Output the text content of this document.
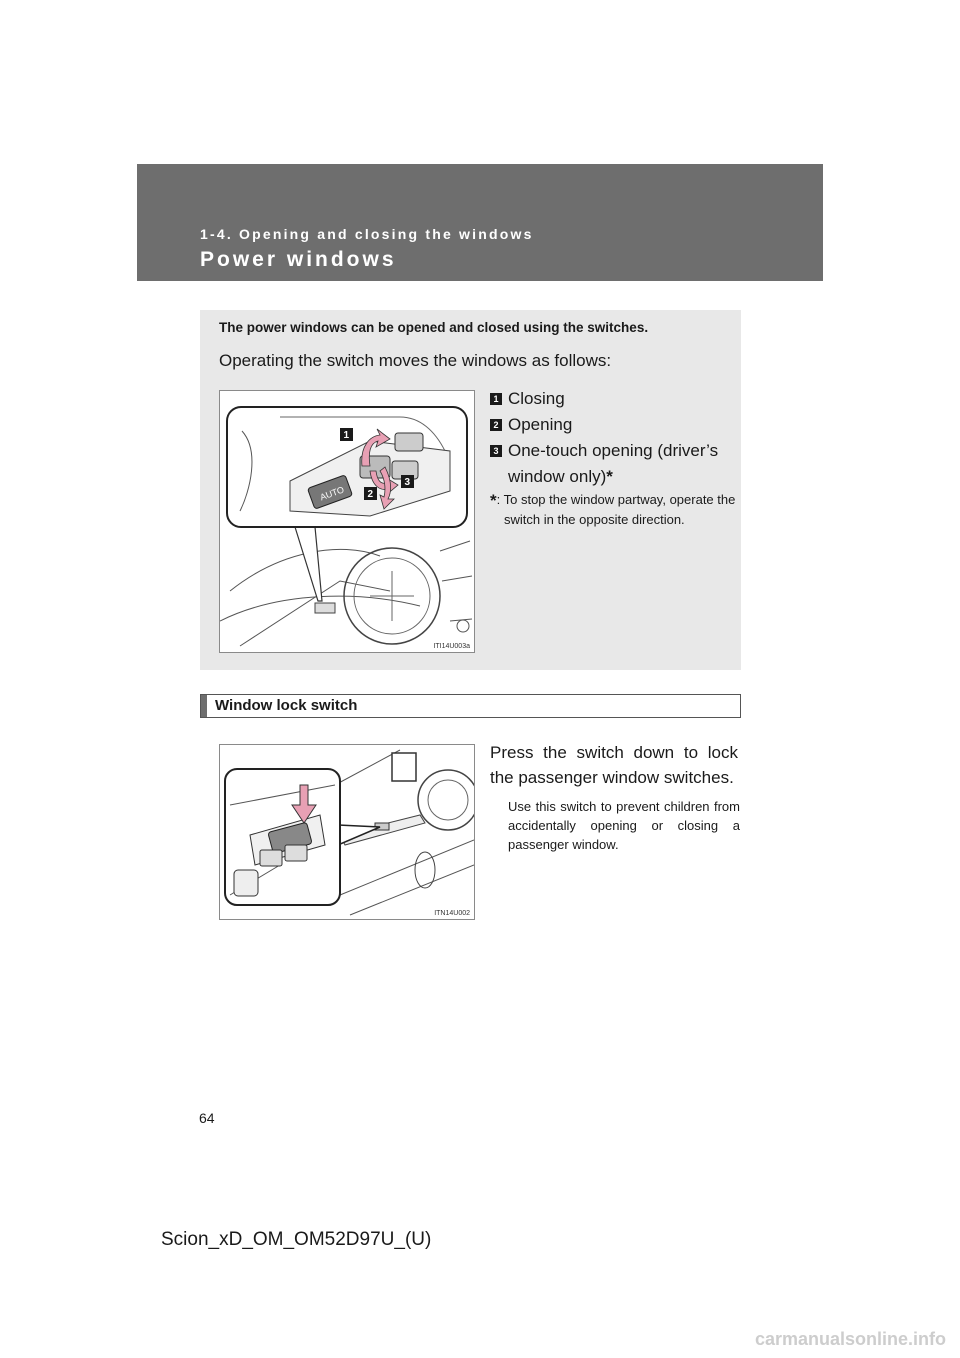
1-4. Opening and closing the windows
Power windows
The power windows can be opened and closed using the switches.
Operating the switch moves the windows as follows:
AUTO
1
2
3
ITI14U003a
1 Closing
2 Opening
3 One-touch opening (driver’s window only)*
*: To stop the window partway, operate the switch in the opposite direction.
Window lock switch
ITN14U002
Press the switch down to lock the passenger window switches.
Use this switch to prevent children from accidentally opening or closing a passenger window.
64
Scion_xD_OM_OM52D97U_(U)
carmanualsonline.info
